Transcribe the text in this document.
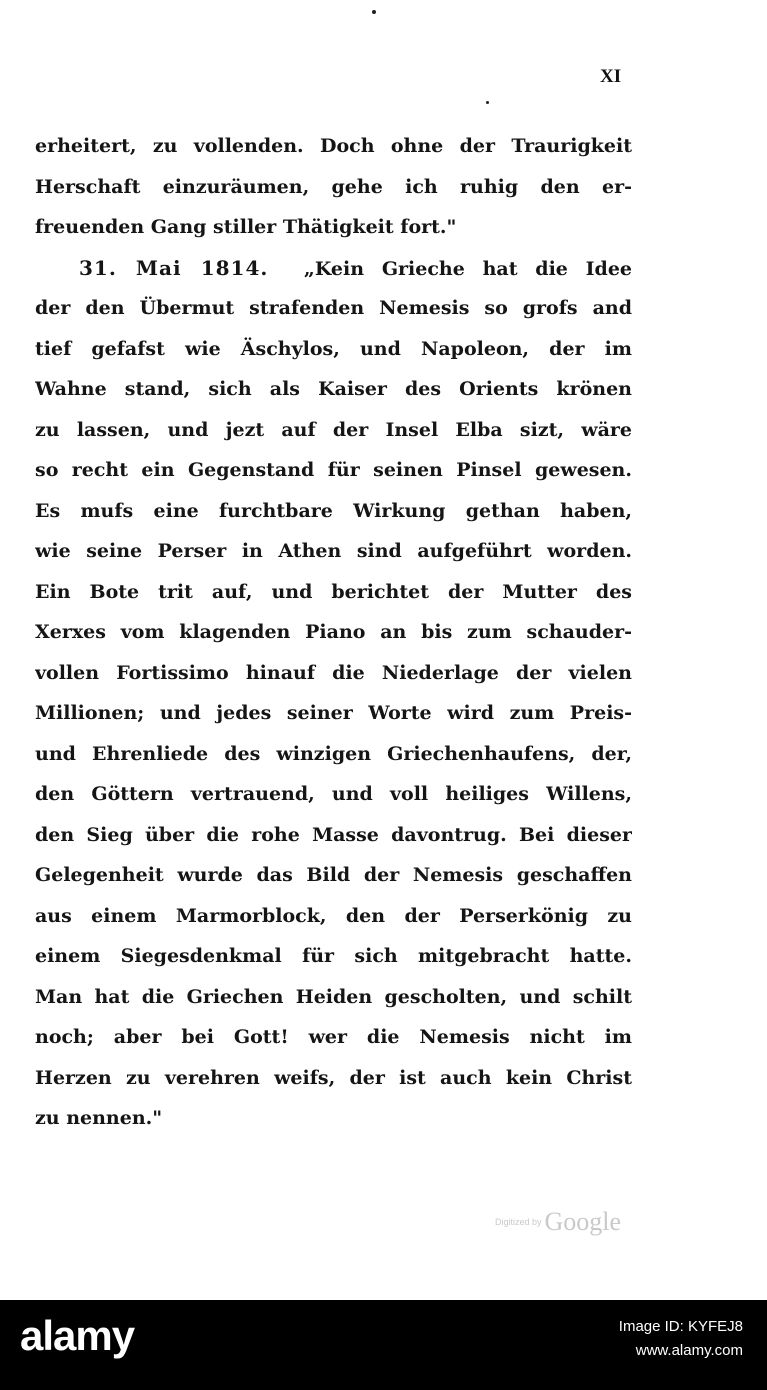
XI
erheitert, zu vollenden. Doch ohne der Traurigkeit
Herschaft einzuräumen, gehe ich ruhig den er-
freuenden Gang stiller Thätigkeit fort."
31. Mai 1814. „Kein Grieche hat die Idee
der den Übermut strafenden Nemesis so grofs and
tief gefafst wie Äschylos, und Napoleon, der im
Wahne stand, sich als Kaiser des Orients krönen
zu lassen, und jezt auf der Insel Elba sizt, wäre
so recht ein Gegenstand für seinen Pinsel gewesen.
Es mufs eine furchtbare Wirkung gethan haben,
wie seine Perser in Athen sind aufgeführt worden.
Ein Bote trit auf, und berichtet der Mutter des
Xerxes vom klagenden Piano an bis zum schauder-
vollen Fortissimo hinauf die Niederlage der vielen
Millionen; und jedes seiner Worte wird zum Preis-
und Ehrenliede des winzigen Griechenhaufens, der,
den Göttern vertrauend, und voll heiliges Willens,
den Sieg über die rohe Masse davontrug. Bei dieser
Gelegenheit wurde das Bild der Nemesis geschaffen
aus einem Marmorblock, den der Perserkönig zu
einem Siegesdenkmal für sich mitgebracht hatte.
Man hat die Griechen Heiden gescholten, und schilt
noch; aber bei Gott! wer die Nemesis nicht im
Herzen zu verehren weifs, der ist auch kein Christ
zu nennen."
Digitized by Google
alamy	Image ID: KYFEJ8
www.alamy.com
